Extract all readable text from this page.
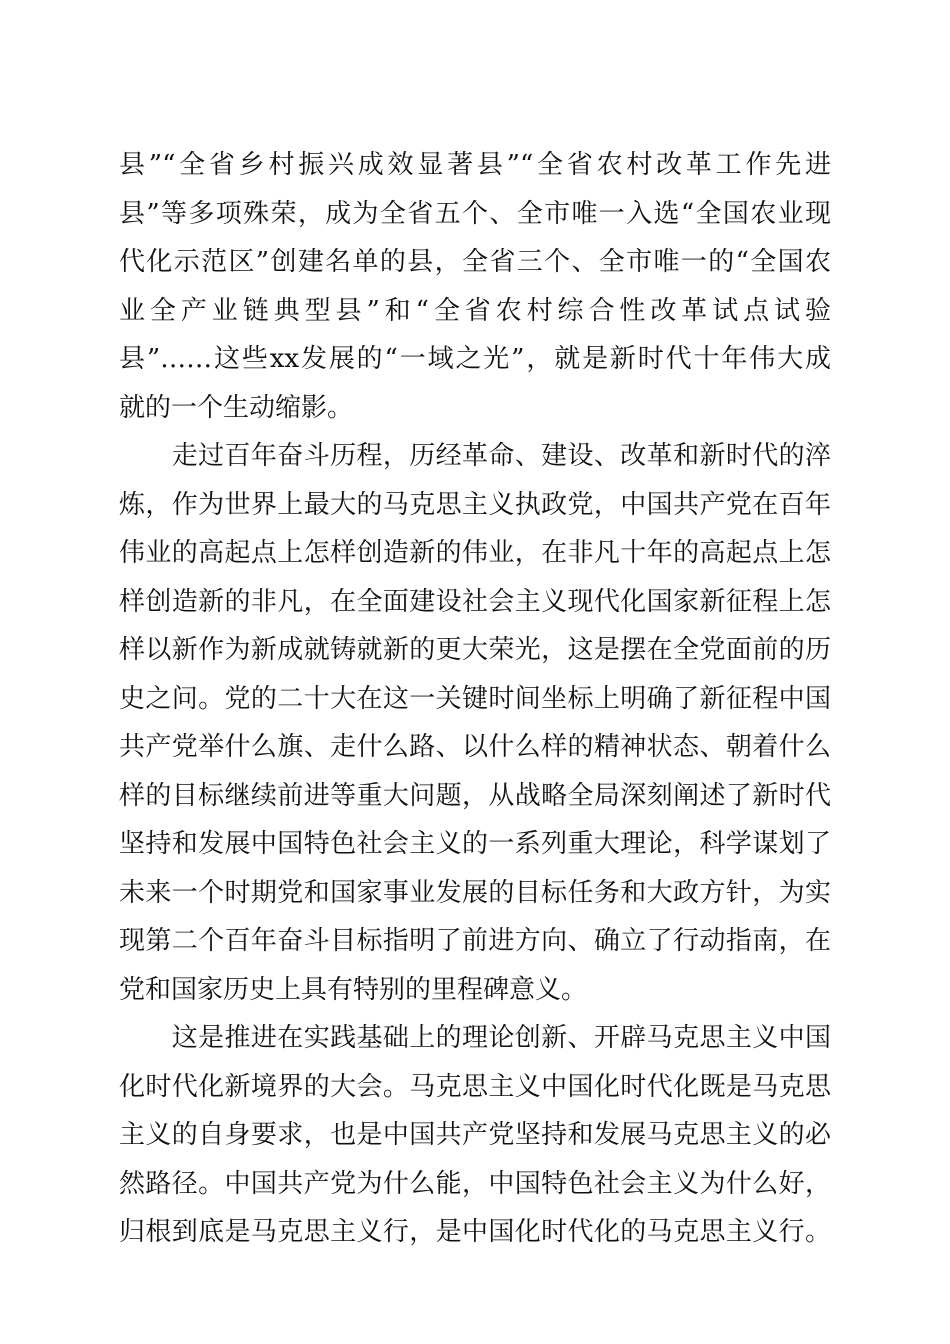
县”“全省乡村振兴成效显著县”“全省农村改革工作先进
县”等多项殊荣，成为全省五个、全市唯一入选“全国农业现
代化示范区”创建名单的县，全省三个、全市唯一的“全国农
业全产业链典型县”和“全省农村综合性改革试点试验
县”……这些xx发展的“一域之光”，就是新时代十年伟大成
就的一个生动缩影。
　　走过百年奋斗历程，历经革命、建设、改革和新时代的淬
炼，作为世界上最大的马克思主义执政党，中国共产党在百年
伟业的高起点上怎样创造新的伟业，在非凡十年的高起点上怎
样创造新的非凡，在全面建设社会主义现代化国家新征程上怎
样以新作为新成就铸就新的更大荣光，这是摆在全党面前的历
史之问。党的二十大在这一关键时间坐标上明确了新征程中国
共产党举什么旗、走什么路、以什么样的精神状态、朝着什么
样的目标继续前进等重大问题，从战略全局深刻阐述了新时代
坚持和发展中国特色社会主义的一系列重大理论，科学谋划了
未来一个时期党和国家事业发展的目标任务和大政方针，为实
现第二个百年奋斗目标指明了前进方向、确立了行动指南，在
党和国家历史上具有特别的里程碑意义。
　　这是推进在实践基础上的理论创新、开辟马克思主义中国
化时代化新境界的大会。马克思主义中国化时代化既是马克思
主义的自身要求，也是中国共产党坚持和发展马克思主义的必
然路径。中国共产党为什么能，中国特色社会主义为什么好，
归根到底是马克思主义行，是中国化时代化的马克思主义行。
